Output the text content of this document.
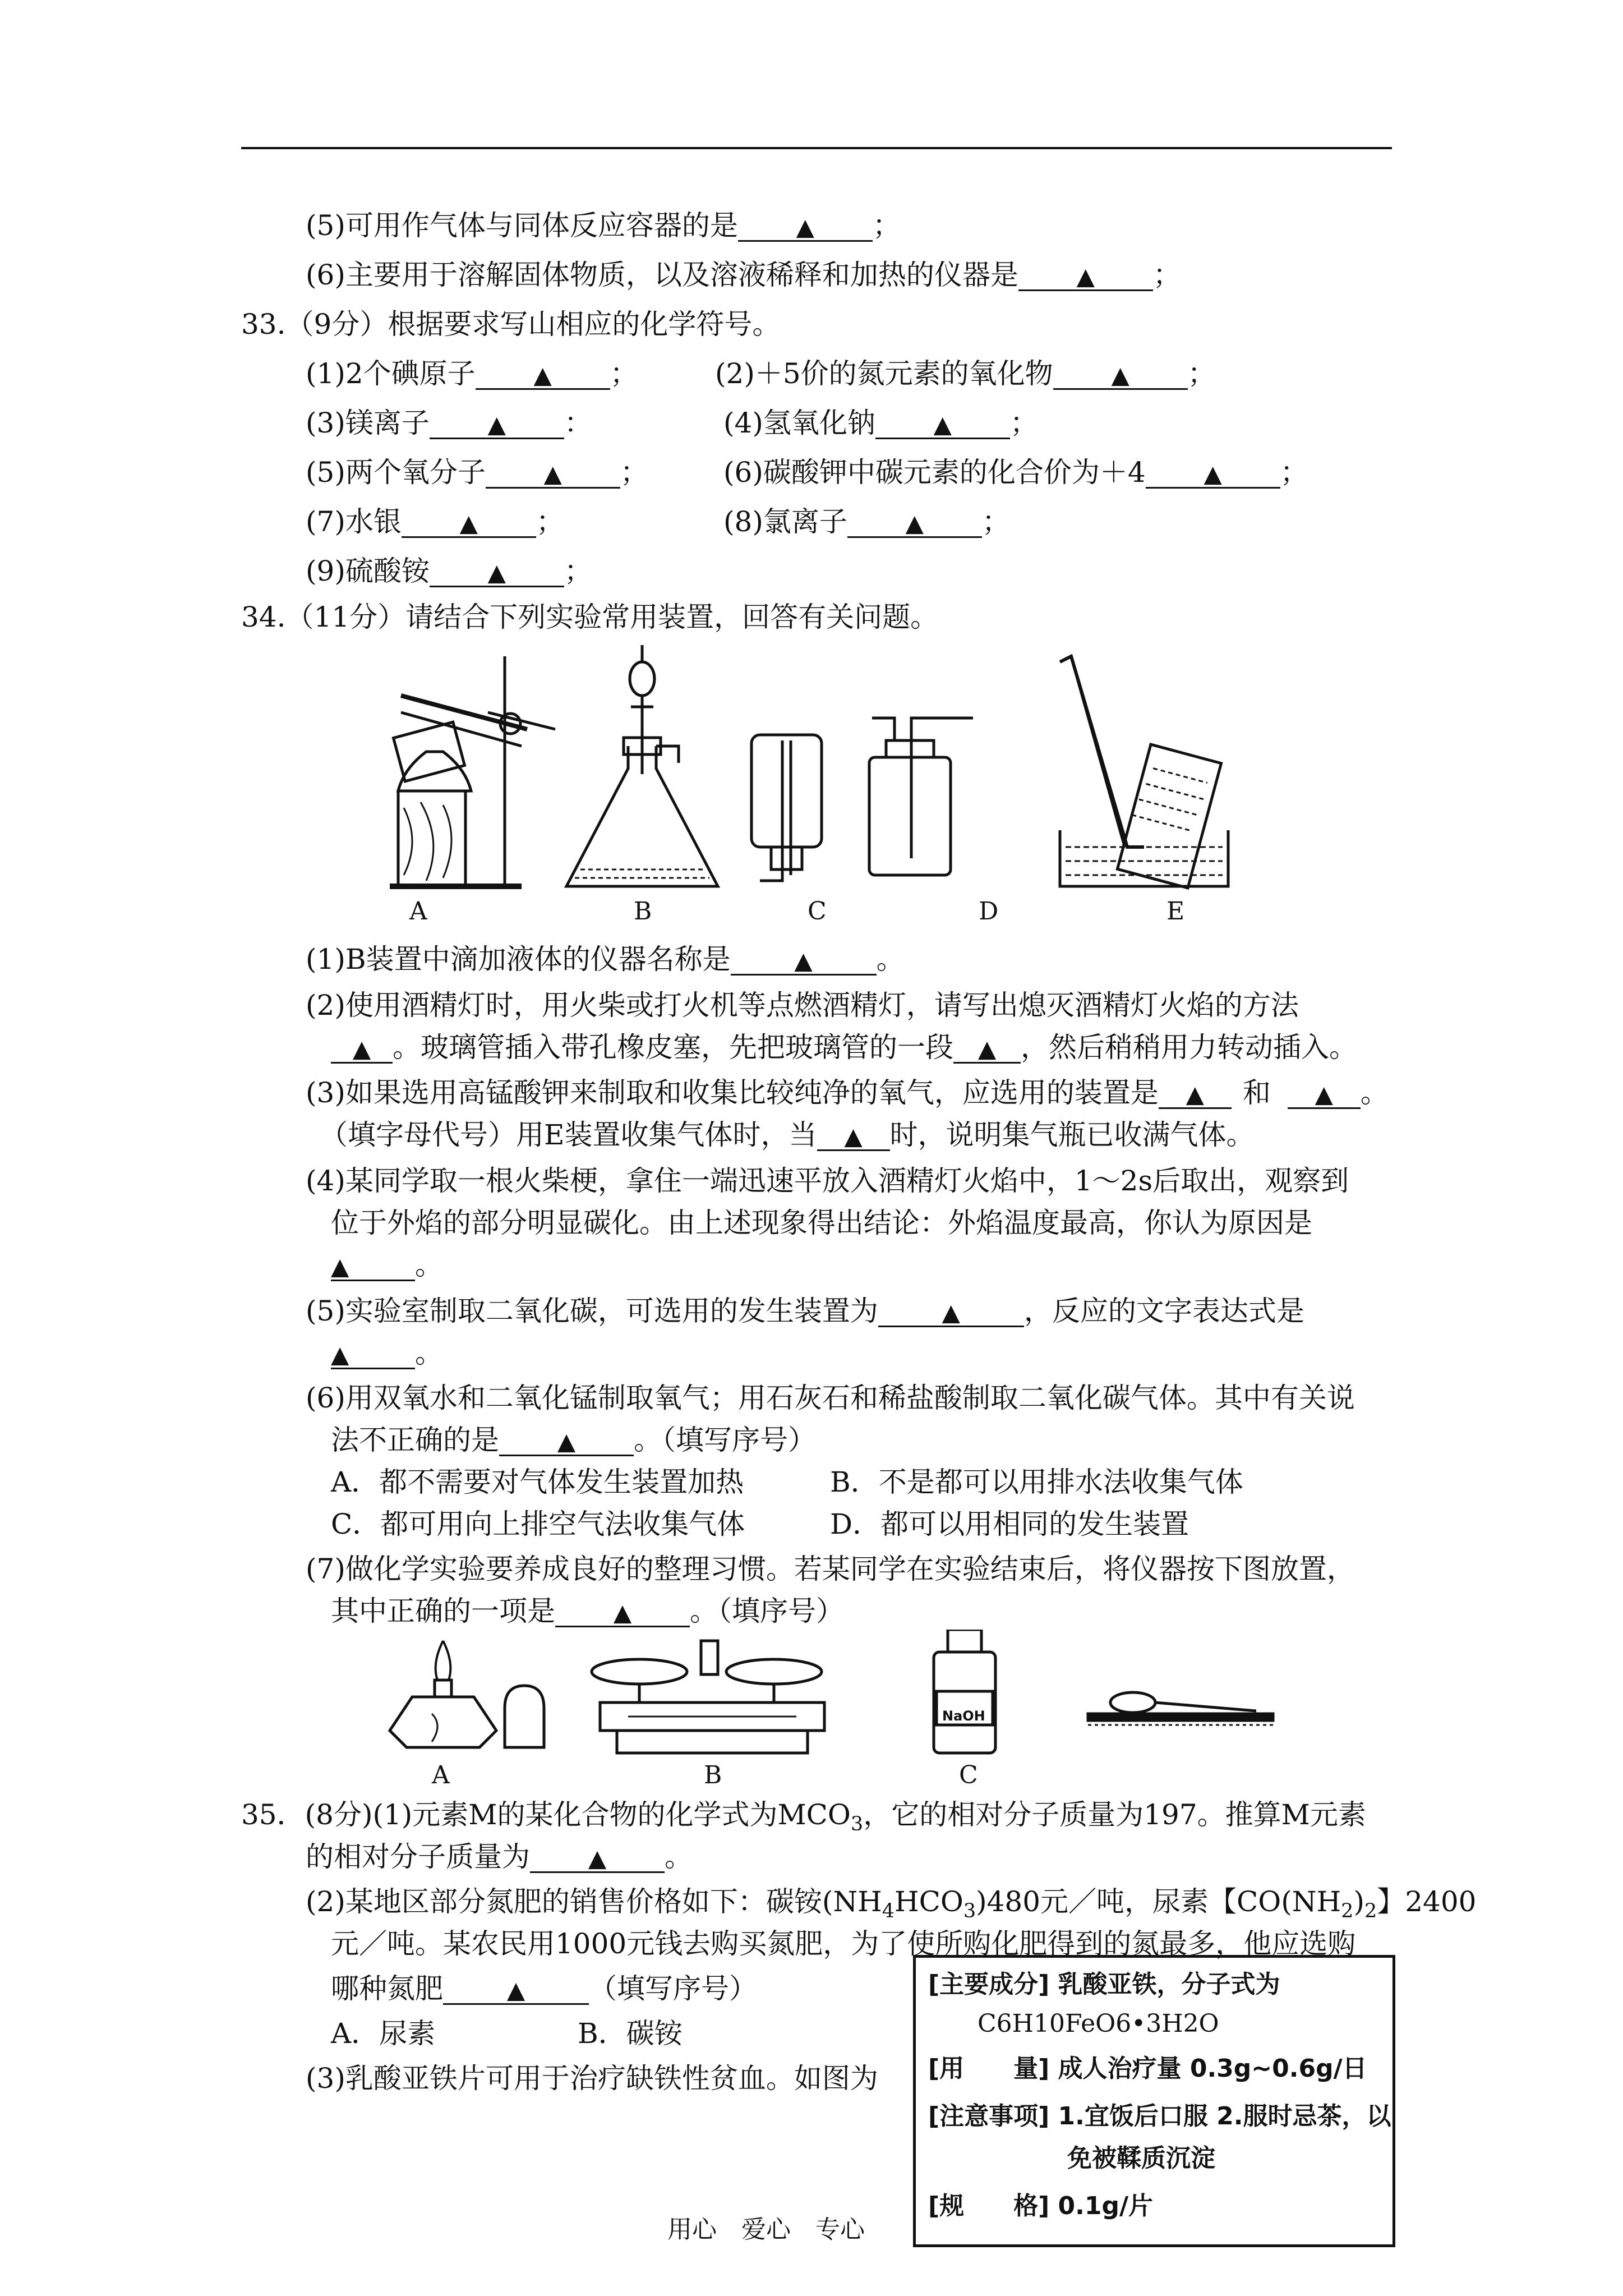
(5)可用作气体与同体反应容器的是 ▲ ；
(6)主要用于溶解固体物质，以及溶液稀释和加热的仪器是 ▲ ；
33.（9分）根据要求写山相应的化学符号。
(1)2个碘原子 ▲ ；	(2)＋5价的氮元素的氧化物 ▲ ；
(3)镁离子 ▲ ：	(4)氢氧化钠 ▲ ；
(5)两个氧分子 ▲ ；	(6)碳酸钾中碳元素的化合价为＋4 ▲ ；
(7)水银 ▲ ；	(8)氯离子 ▲ ；
(9)硫酸铵 ▲ ；
34.（11分）请结合下列实验常用装置，回答有关问题。
A	B	C	D	E
(1)B装置中滴加液体的仪器名称是	▲ 。
(2)使用酒精灯时，用火柴或打火机等点燃酒精灯，请写出熄灭酒精灯火焰的方法
▲ 。玻璃管插入带孔橡皮塞，先把玻璃管的一段 ▲ ，然后稍稍用力转动插入。
(3)如果选用高锰酸钾来制取和收集比较纯净的氧气，应选用的装置是 ▲ 和 ▲ 。
（填字母代号）用E装置收集气体时，当 ▲ 时，说明集气瓶已收满气体。
(4)某同学取一根火柴梗，拿住一端迅速平放入酒精灯火焰中，1～2s后取出，观察到
位于外焰的部分明显碳化。由上述现象得出结论：外焰温度最高，你认为原因是
▲ 。
(5)实验室制取二氧化碳，可选用的发生装置为	▲ ，反应的文字表达式是
▲ 。
(6)用双氧水和二氧化锰制取氧气；用石灰石和稀盐酸制取二氧化碳气体。其中有关说
法不正确的是 ▲ 。（填写序号）
A．都不需要对气体发生装置加热	B．不是都可以用排水法收集气体
C．都可用向上排空气法收集气体	D．都可以用相同的发生装置
(7)做化学实验要养成良好的整理习惯。若某同学在实验结束后，将仪器按下图放置，
其中正确的一项是 ▲ 。（填序号）
NaOH
A	B	C
35．(8分)(1)元素M的某化合物的化学式为$MCO_3$，它的相对分子质量为197。推算M元素
的相对分子质量为 ▲ 。
(2)某地区部分氮肥的销售价格如下：碳铵$(NH_4HCO_3)480$元／吨，尿素【$CO(NH_2)_2$】2400
元／吨。某农民用1000元钱去购买氮肥，为了使所购化肥得到的氮最多，他应选购
哪种氮肥	▲ （填写序号）
A．尿素	B．碳铵
(3)乳酸亚铁片可用于治疗缺铁性贫血。如图为
[主要成分] 乳酸亚铁，分子式为
C6H10FeO6•3H2O
[用　　量] 成人治疗量 0.3g~0.6g/日
[注意事项] 1.宜饭后口服 2.服时忌茶，以
免被鞣质沉淀
[规　　格] 0.1g/片
用心　爱心　专心
